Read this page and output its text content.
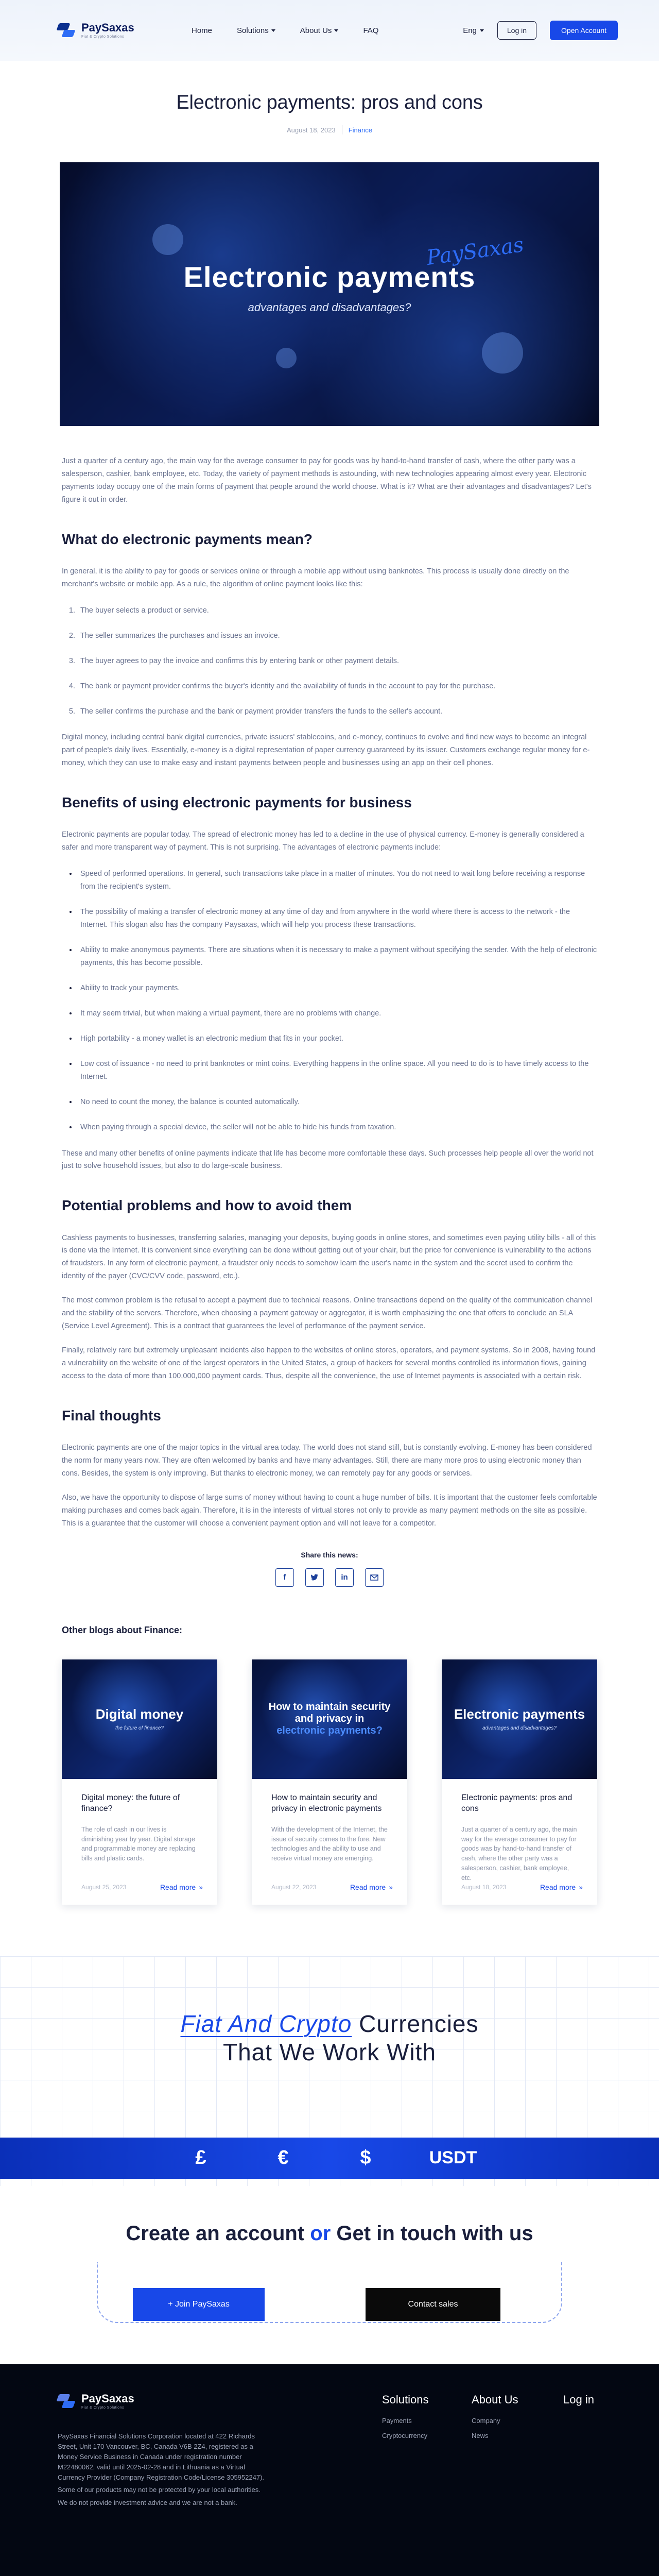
PaySaxas
Fiat & Crypto Solutions
Home	Solutions	About Us	FAQ	Eng	Log in	Open Account
Electronic payments: pros and cons
August 18, 2023 Finance
PaySaxas
Electronic payments
advantages and disadvantages?

Just a quarter of a century ago, the main way for the average consumer to pay for goods was by hand-to-hand transfer of cash, where the other party was a salesperson, cashier, bank employee, etc. Today, the variety of payment methods is astounding, with new technologies appearing almost every year. Electronic payments today occupy one of the main forms of payment that people around the world choose. What is it? What are their advantages and disadvantages? Let's figure it out in order.

What do electronic payments mean?

In general, it is the ability to pay for goods or services online or through a mobile app without using banknotes. This process is usually done directly on the merchant's website or mobile app. As a rule, the algorithm of online payment looks like this:

1. The buyer selects a product or service.
2. The seller summarizes the purchases and issues an invoice.
3. The buyer agrees to pay the invoice and confirms this by entering bank or other payment details.
4. The bank or payment provider confirms the buyer's identity and the availability of funds in the account to pay for the purchase.
5. The seller confirms the purchase and the bank or payment provider transfers the funds to the seller's account.

Digital money, including central bank digital currencies, private issuers' stablecoins, and e-money, continues to evolve and find new ways to become an integral part of people's daily lives. Essentially, e-money is a digital representation of paper currency guaranteed by its issuer. Customers exchange regular money for e-money, which they can use to make easy and instant payments between people and businesses using an app on their cell phones.

Benefits of using electronic payments for business

Electronic payments are popular today. The spread of electronic money has led to a decline in the use of physical currency. E-money is generally considered a safer and more transparent way of payment. This is not surprising. The advantages of electronic payments include:

• Speed of performed operations. In general, such transactions take place in a matter of minutes. You do not need to wait long before receiving a response from the recipient's system.
• The possibility of making a transfer of electronic money at any time of day and from anywhere in the world where there is access to the network - the Internet. This slogan also has the company Paysaxas, which will help you process these transactions.
• Ability to make anonymous payments. There are situations when it is necessary to make a payment without specifying the sender. With the help of electronic payments, this has become possible.
• Ability to track your payments.
• It may seem trivial, but when making a virtual payment, there are no problems with change.
• High portability - a money wallet is an electronic medium that fits in your pocket.
• Low cost of issuance - no need to print banknotes or mint coins. Everything happens in the online space. All you need to do is to have timely access to the Internet.
• No need to count the money, the balance is counted automatically.
• When paying through a special device, the seller will not be able to hide his funds from taxation.

These and many other benefits of online payments indicate that life has become more comfortable these days. Such processes help people all over the world not just to solve household issues, but also to do large-scale business.

Potential problems and how to avoid them

Cashless payments to businesses, transferring salaries, managing your deposits, buying goods in online stores, and sometimes even paying utility bills - all of this is done via the Internet. It is convenient since everything can be done without getting out of your chair, but the price for convenience is vulnerability to the actions of fraudsters. In any form of electronic payment, a fraudster only needs to somehow learn the user's name in the system and the secret used to confirm the identity of the payer (CVC/CVV code, password, etc.).

The most common problem is the refusal to accept a payment due to technical reasons. Online transactions depend on the quality of the communication channel and the stability of the servers. Therefore, when choosing a payment gateway or aggregator, it is worth emphasizing the one that offers to conclude an SLA (Service Level Agreement). This is a contract that guarantees the level of performance of the payment service.

Finally, relatively rare but extremely unpleasant incidents also happen to the websites of online stores, operators, and payment systems. So in 2008, having found a vulnerability on the website of one of the largest operators in the United States, a group of hackers for several months controlled its information flows, gaining access to the data of more than 100,000,000 payment cards. Thus, despite all the convenience, the use of Internet payments is associated with a certain risk.

Final thoughts

Electronic payments are one of the major topics in the virtual area today. The world does not stand still, but is constantly evolving. E-money has been considered the norm for many years now. They are often welcomed by banks and have many advantages. Still, there are many more pros to using electronic money than cons. Besides, the system is only improving. But thanks to electronic money, we can remotely pay for any goods or services.

Also, we have the opportunity to dispose of large sums of money without having to count a huge number of bills. It is important that the customer feels comfortable making purchases and comes back again. Therefore, it is in the interests of virtual stores not only to provide as many payment methods on the site as possible. This is a guarantee that the customer will choose a convenient payment option and will not leave for a competitor.

Share this news:
f	in
Other blogs about Finance:
Digital money
the future of finance?
Digital money: the future of finance?
The role of cash in our lives is diminishing year by year. Digital storage and programmable money are replacing bills and plastic cards.
August 25, 2023	Read more »
How to maintain security and privacy in
electronic payments?
How to maintain security and privacy in electronic payments
With the development of the Internet, the issue of security comes to the fore. New technologies and the ability to use and receive virtual money are emerging.
August 22, 2023	Read more »
Electronic payments
advantages and disadvantages?
Electronic payments: pros and cons
Just a quarter of a century ago, the main way for the average consumer to pay for goods was by hand-to-hand transfer of cash, where the other party was a salesperson, cashier, bank employee, etc.
August 18, 2023	Read more »
Fiat And Crypto Currencies
That We Work With
£	€	$	USDT
Create an account or Get in touch with us
+ Join PaySaxas	Contact sales
PaySaxas
Fiat & Crypto Solutions

PaySaxas Financial Solutions Corporation located at 422 Richards Street, Unit 170 Vancouver, BC, Canada V6B 2Z4, registered as a Money Service Business in Canada under registration number M22480062, valid until 2025-02-28 and in Lithuania as a Virtual Currency Provider (Company Registration Code/License 305952247).

Some of our products may not be protected by your local authorities.

We do not provide investment advice and we are not a bank.

Solutions
Payments
Cryptocurrency
About Us
Company
News
Log in
